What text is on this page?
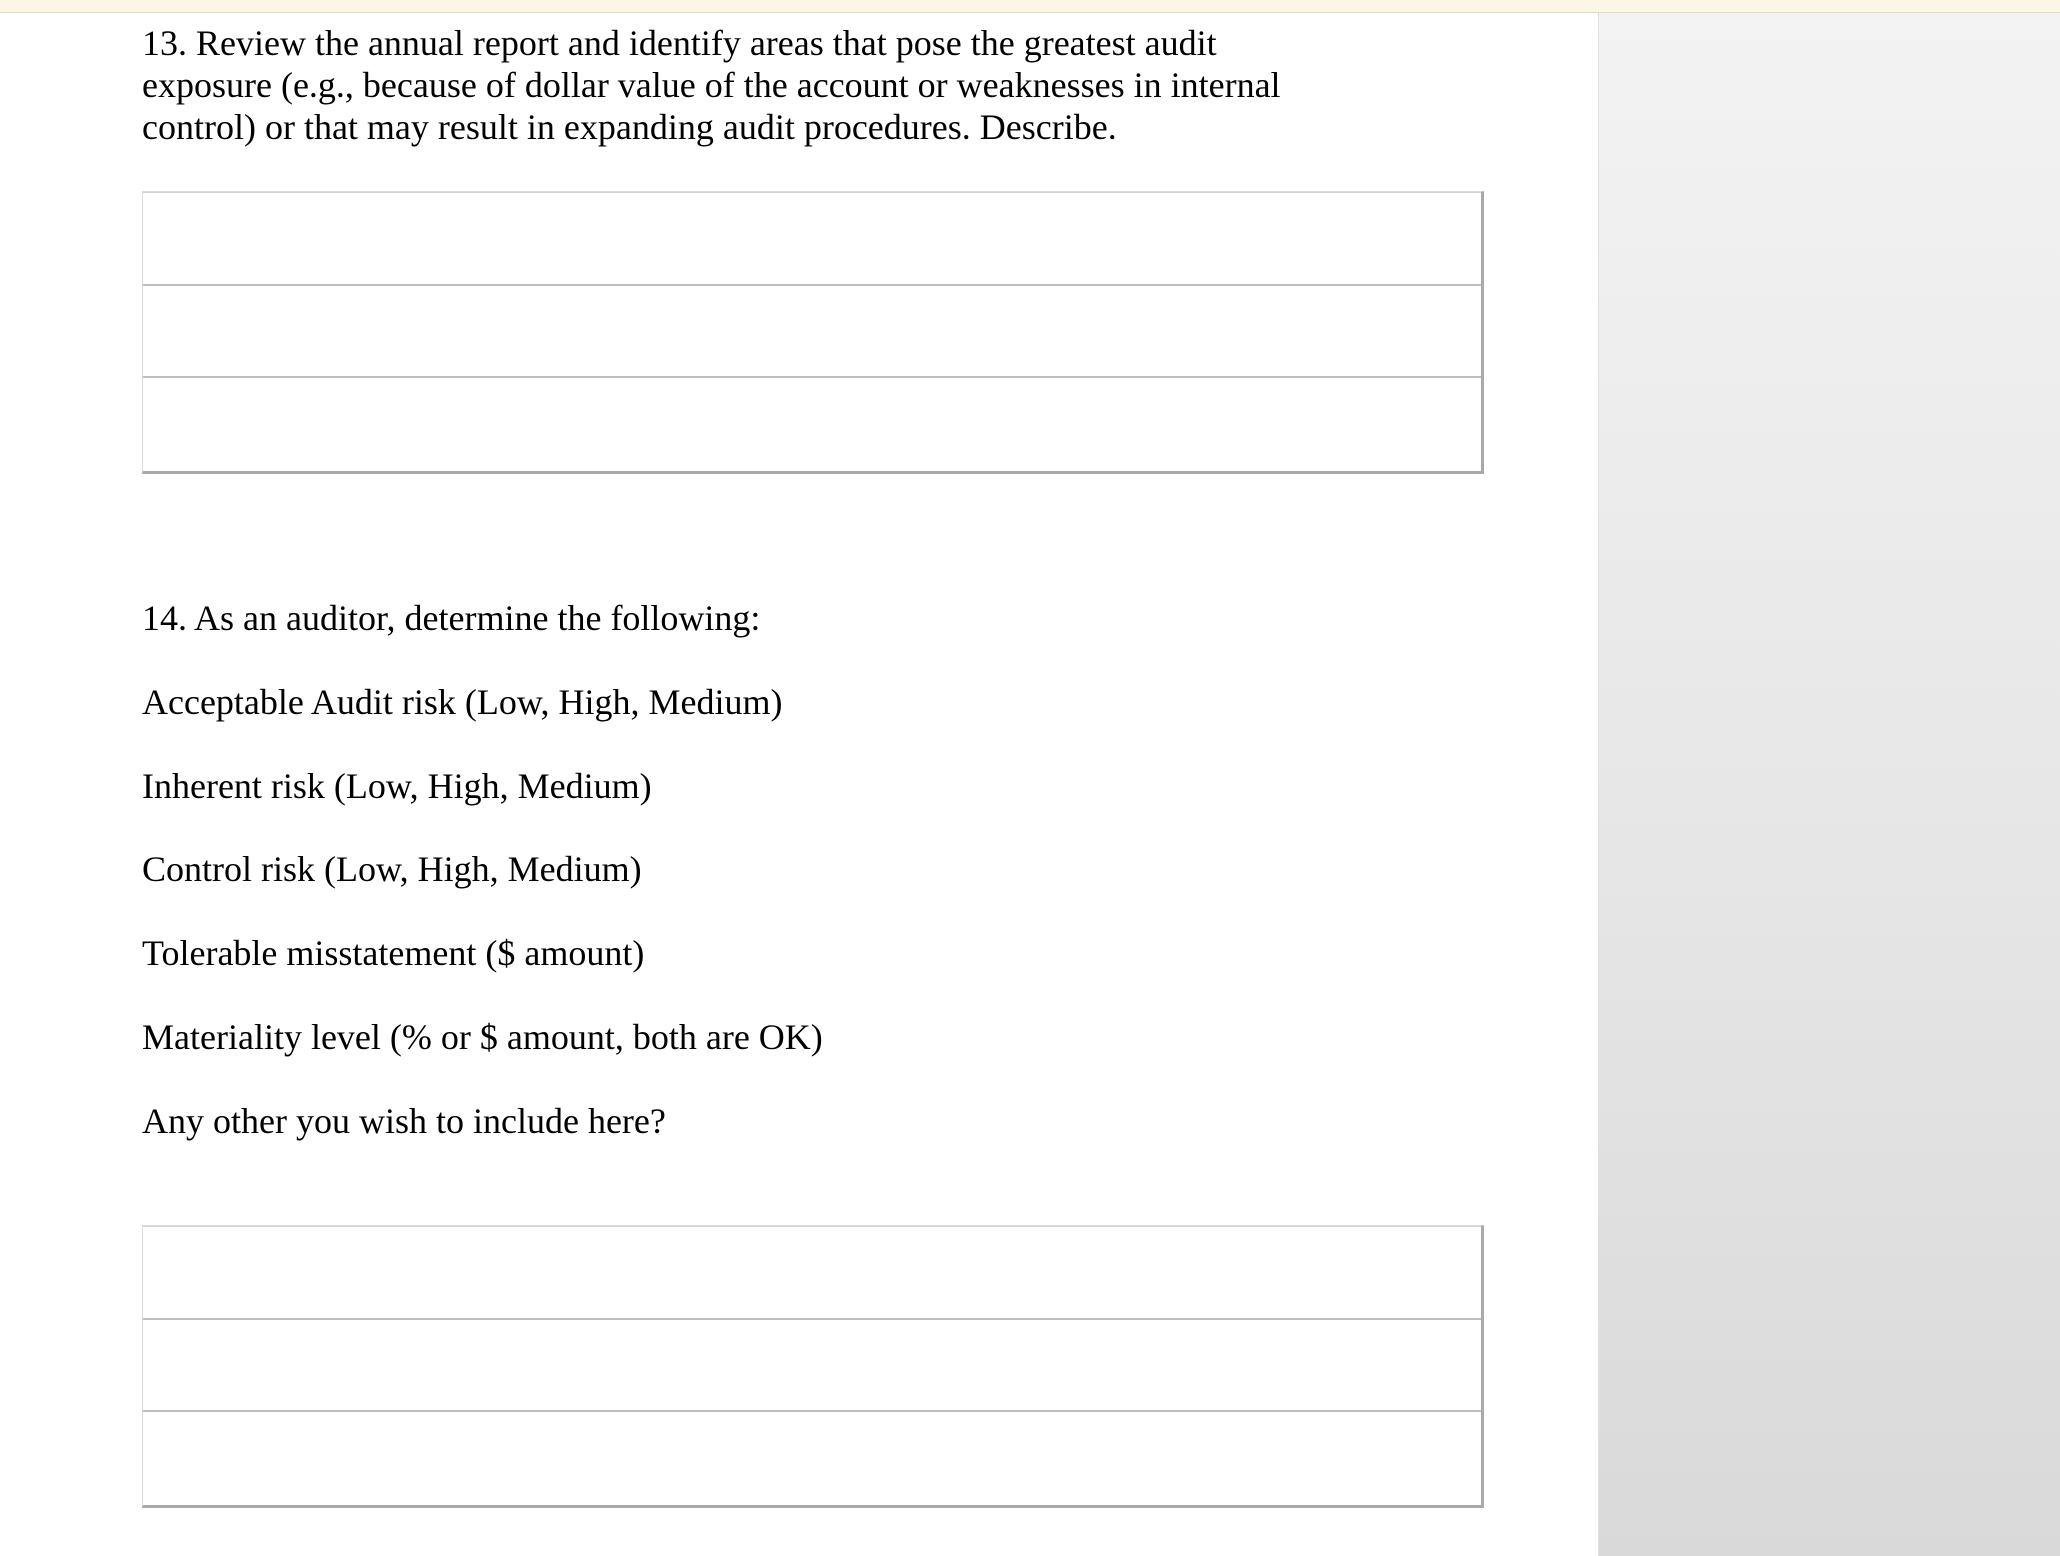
13. Review the annual report and identify areas that pose the greatest audit
exposure (e.g., because of dollar value of the account or weaknesses in internal
control) or that may result in expanding audit procedures. Describe.
14. As an auditor, determine the following:
Acceptable Audit risk (Low, High, Medium)
Inherent risk (Low, High, Medium)
Control risk (Low, High, Medium)
Tolerable misstatement ($ amount)
Materiality level (% or $ amount, both are OK)
Any other you wish to include here?
